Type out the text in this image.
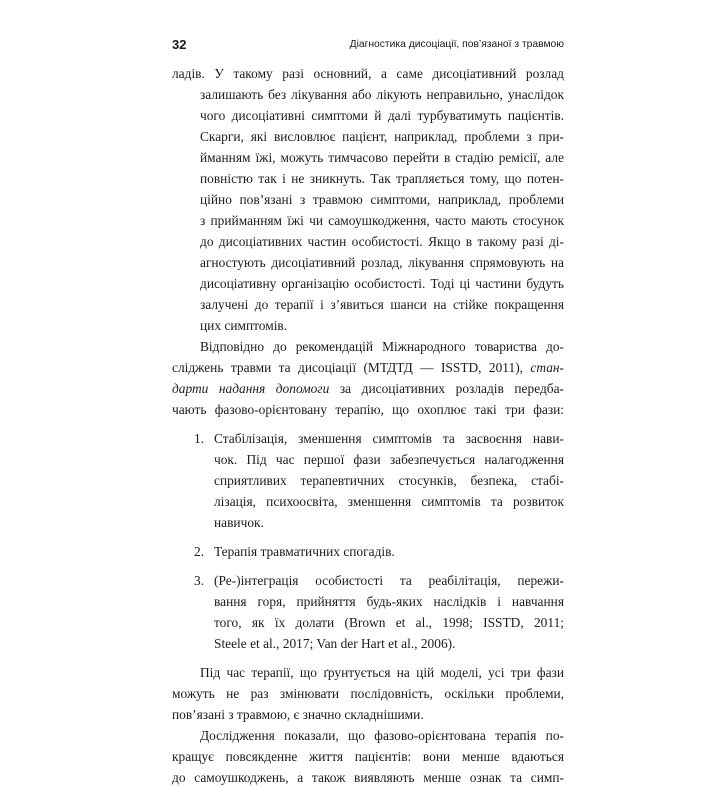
32	Діагностика дисоціації, пов’язаної з травмою
ладів. У такому разі основний, а саме дисоціативний розлад
залишають без лікування або лікують неправильно, унаслідок
чого дисоціативні симптоми й далі турбуватимуть пацієнтів.
Скарги, які висловлює пацієнт, наприклад, проблеми з при-
йманням їжі, можуть тимчасово перейти в стадію ремісії, але
повністю так і не зникнуть. Так трапляється тому, що потен-
ційно пов’язані з травмою симптоми, наприклад, проблеми
з прийманням їжі чи самоушкодження, часто мають стосунок
до дисоціативних частин особистості. Якщо в такому разі ді-
агностують дисоціативний розлад, лікування спрямовують на
дисоціативну організацію особистості. Тоді ці частини будуть
залучені до терапії і з’явиться шанси на стійке покращення
цих симптомів.
Відповідно до рекомендацій Міжнародного товариства до-
сліджень травми та дисоціації (МТДТД — ISSTD, 2011), стан-
дарти надання допомоги за дисоціативних розладів передба-
чають фазово-орієнтовану терапію, що охоплює такі три фази:
1. Стабілізація, зменшення симптомів та засвоєння нави-
чок. Під час першої фази забезпечується налагодження
сприятливих терапевтичних стосунків, безпека, стабі-
лізація, психоосвіта, зменшення симптомів та розвиток
навичок.
2. Терапія травматичних спогадів.
3. (Ре-)інтеграція особистості та реабілітація, пережи-
вання горя, прийняття будь-яких наслідків і навчання
того, як їх долати (Brown et al., 1998; ISSTD, 2011;
Steele et al., 2017; Van der Hart et al., 2006).
Під час терапії, що ґрунтується на цій моделі, усі три фази
можуть не раз змінювати послідовність, оскільки проблеми,
пов’язані з травмою, є значно складнішими.
Дослідження показали, що фазово-орієнтована терапія по-
кращує повсякденне життя пацієнтів: вони менше вдаються
до самоушкоджень, а також виявляють менше ознак та симп-
